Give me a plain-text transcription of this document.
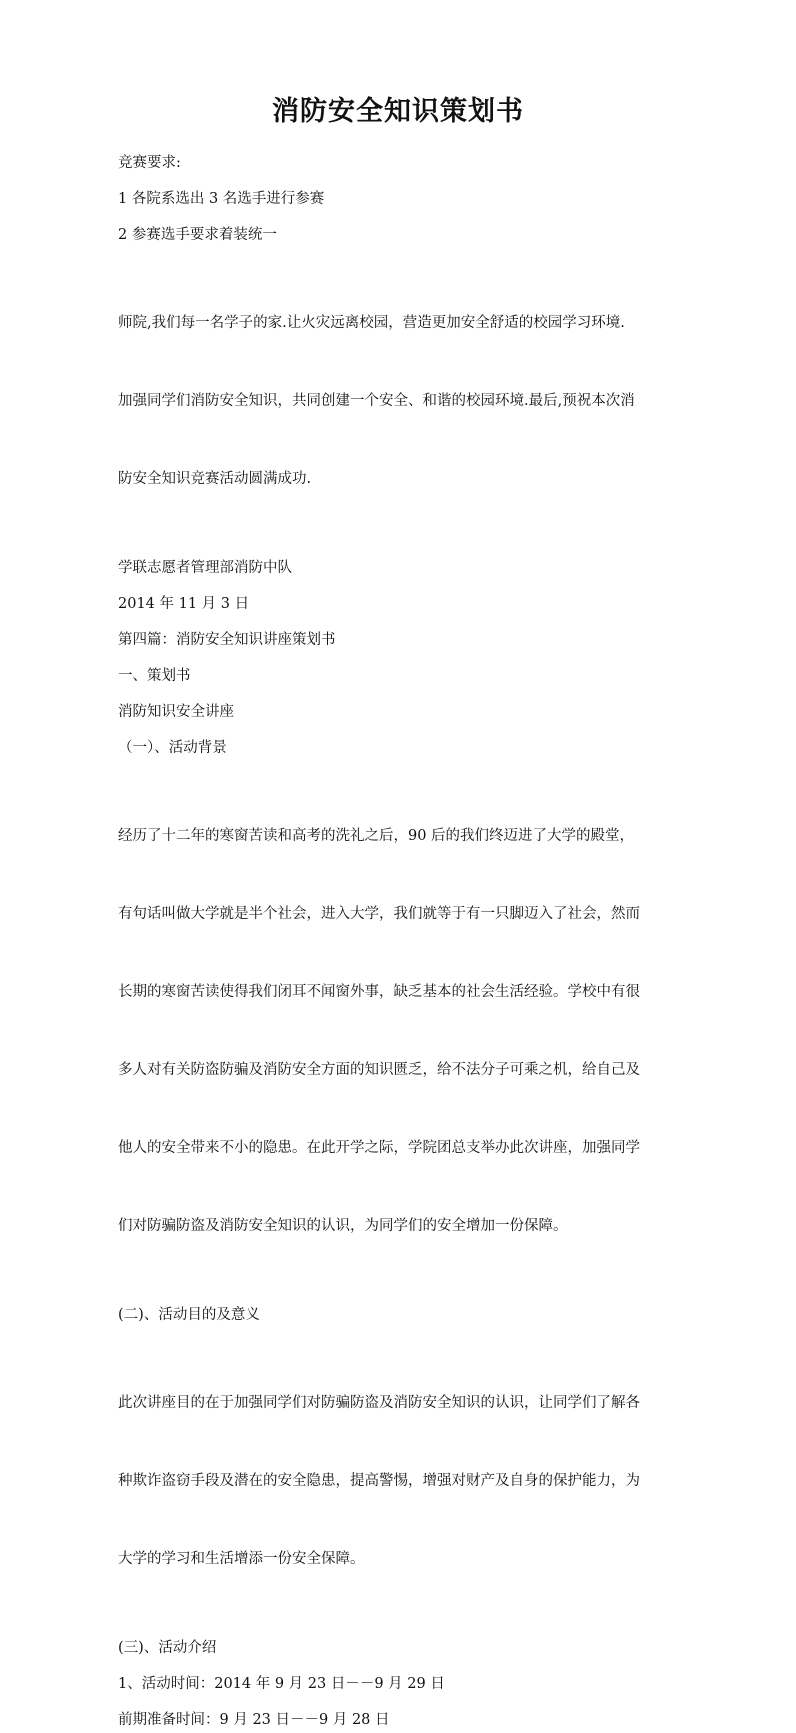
消防安全知识策划书

竞赛要求:

1 各院系选出 3 名选手进行参赛

2 参赛选手要求着装统一

师院,我们每一名学子的家.让火灾远离校园，营造更加安全舒适的校园学习环境.

加强同学们消防安全知识，共同创建一个安全、和谐的校园环境.最后,预祝本次消

防安全知识竞赛活动圆满成功.

学联志愿者管理部消防中队

2014 年 11 月 3 日

第四篇：消防安全知识讲座策划书

一、策划书

消防知识安全讲座

（一）、活动背景

经历了十二年的寒窗苦读和高考的洗礼之后，90 后的我们终迈进了大学的殿堂，

有句话叫做大学就是半个社会，进入大学，我们就等于有一只脚迈入了社会，然而

长期的寒窗苦读使得我们闭耳不闻窗外事，缺乏基本的社会生活经验。学校中有很

多人对有关防盗防骗及消防安全方面的知识匮乏，给不法分子可乘之机，给自己及

他人的安全带来不小的隐患。在此开学之际，学院团总支举办此次讲座，加强同学

们对防骗防盗及消防安全知识的认识，为同学们的安全增加一份保障。

(二)、活动目的及意义

此次讲座目的在于加强同学们对防骗防盗及消防安全知识的认识，让同学们了解各

种欺诈盗窃手段及潜在的安全隐患，提高警惕，增强对财产及自身的保护能力，为

大学的学习和生活增添一份安全保障。

(三)、活动介绍

1、活动时间：2014 年 9 月 23 日－－9 月 29 日

前期准备时间：9 月 23 日－－9 月 28 日
